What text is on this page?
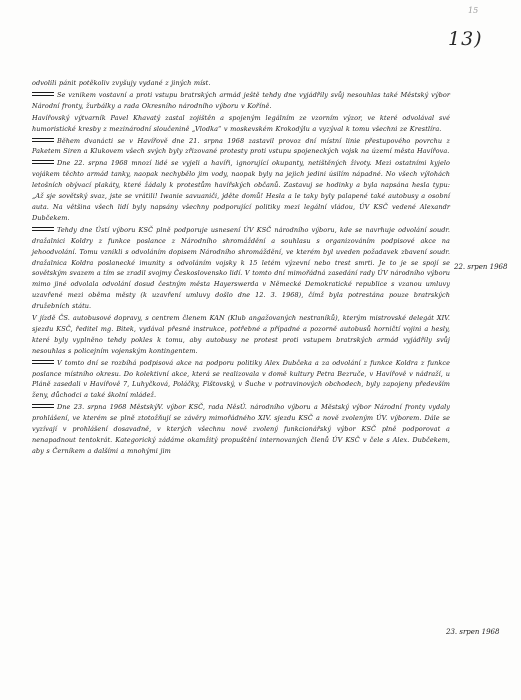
15
13)
22. srpen 1968
23. srpen 1968

odvolili pánit potěkoliv zvyšujy vydané z jiných míst.

Se vznikem vostavní a proti vstupu bratrských armád ještě tehdy dne vyjádřily svůj nesouhlas také Městský výbor Národní fronty, žurbálky a rada Okresního národního výboru v Koříně.

Havířovský výtvarník Pavel Khavatý zastal zojištěn a spojeným legálním ze vzorním výzor, ve které odvolával své humoristické kresby z mezinárodní sloučenině „Vlodka“ v moskevském Krokodýlu a vyzýval k tomu všechni ze Krestlíra.

Během dvanácti se v Havířově dne 21. srpna 1968 zastavil provoz dní místní linie přestupového povrchu z Paketem Siren a Klukovem všech svých byly zřizované protesty proti vstupu spojeneckých vojsk na území města Havířova.

Dne 22. srpna 1968 mnozí lidé se vyjeli a havíři, ignorující okupanty, netištěných životy. Mezi ostatními kyjelo vojákem těchto armád tanky, naopak nechybělo jim vody, naopak byly na jejich jedini úsilím nápadné. No všech výlohách letošních obývací plakáty, které žádaly k protestům havířských občanů. Zastavuj se hodinky a byla napsána hesla typu: „Až sje sovětský svaz, jste se vrátili! Iwanie savuaniči, jděte domů! Hesla a le taky byly palapené také autobusy a osobní auta. Na většina všech lidí byly napsány všechny podporující politiky mezi legální vládou, ÚV KSČ vedené Alexandr Dubčekem.

Tehdy dne Ústí výboru KSČ plně podporuje usnesení ÚV KSČ národního výboru, kde se navrhuje odvolání soudr. dražalnici Koldry z funkce poslance z Národního shromáždění a souhlasu s organizováním podpisové akce na jehoodvolání. Tomu vznikli s odvoláním dopisem Národního shromáždění, ve kterém byl uveden požadavek zbavení soudr. dražalnica Koldra poslanecké imunity s odvoláním vojsky k 15 letém výzevní nebo trest smrti. Je to je se spojí se sovětským svazem a tím se zradil svojmy Československo lidí. V tomto dní mimořádná zasedání rady ÚV národního výboru mimo jiné odvolala odvolání dosud čestným města Hayerswerda v Německé Demokratické republice s vzanou umluvy uzavřené mezi oběma městy (k uzavření umluvy došlo dne 12. 3. 1968), čímž byla potrestána pouze bratrských družebních státu.

V jízdě ČS. autobusové dopravy, s centrem členem KAN (Klub angažovaných nestraníků), kterým mistrovské delegát XIV. sjezdu KSČ, ředitel mg. Bitek, vydával přesně instrukce, potřebné a případné a pozorně autobusů horničtí vojini a hesly, které byly vyplněno tehdy pokles k tomu, aby autobusy ne protest proti vstupem bratrských armád vyjádřily svůj nesouhlas s policejním vojenským kontingentem.

V tomto dní se rozbíhá podpisová akce na podporu politiky Alex Dubčeka a za odvolání z funkce Koldra z funkce poslance místního okresu. Do kolektivní akce, která se realizovala v domě kultury Petra Bezruče, v Havířově v nádraží, u Pláně zasedali v Havířově 7, Luhyčková, Poláčky, Fištovský, v Šuche v potravinových obchodech, byly zapojeny především ženy, důchodci a také školní mládež.

Dne 23. srpna 1968 MěstskýV. výbor KSČ, rada NěsÚ. národního výboru a Městský výbor Národní fronty vydaly prohlášení, ve kterém se plně ztotožňují se závěry mimořádného XIV. sjezdu KSČ a nově zvoleným ÚV. výborem. Dále se vyzívají v prohlášení dosavadně, v kterých všechnu nově zvolený funkcionářský výbor KSČ plně podporovat a nenapadnout tentokrát. Kategorický zádáme okamžitý propuštění internovaných členů ÚV KSČ v čele s Alex. Dubčekem, aby s Černíkem a dalšími a mnohými jim
